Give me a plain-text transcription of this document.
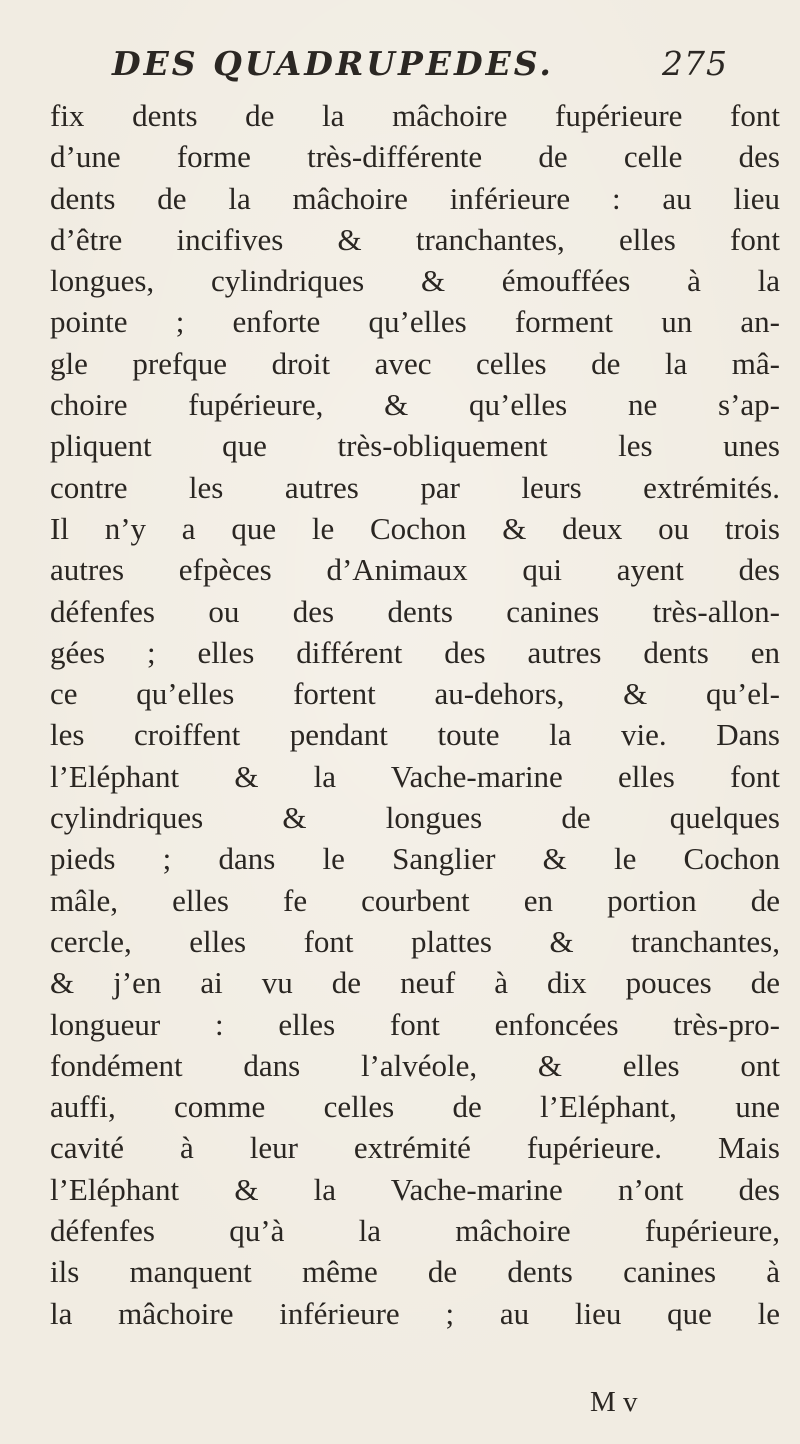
DES QUADRUPEDES.	275
fix dents de la mâchoire fupérieure font
d’une forme très-différente de celle des
dents de la mâchoire inférieure : au lieu
d’être incifives & tranchantes, elles font
longues, cylindriques & émouffées à la
pointe ; enforte qu’elles forment un an-
gle prefque droit avec celles de la mâ-
choire fupérieure, & qu’elles ne s’ap-
pliquent que très-obliquement les unes
contre les autres par leurs extrémités.
Il n’y a que le Cochon & deux ou trois
autres efpèces d’Animaux qui ayent des
défenfes ou des dents canines très-allon-
gées ; elles différent des autres dents en
ce qu’elles fortent au-dehors, & qu’el-
les croiffent pendant toute la vie. Dans
l’Eléphant & la Vache-marine elles font
cylindriques & longues de quelques
pieds ; dans le Sanglier & le Cochon
mâle, elles fe courbent en portion de
cercle, elles font plattes & tranchantes,
& j’en ai vu de neuf à dix pouces de
longueur : elles font enfoncées très-pro-
fondément dans l’alvéole, & elles ont
auffi, comme celles de l’Eléphant, une
cavité à leur extrémité fupérieure. Mais
l’Eléphant & la Vache-marine n’ont des
défenfes qu’à la mâchoire fupérieure,
ils manquent même de dents canines à
la mâchoire inférieure ; au lieu que le
M v
